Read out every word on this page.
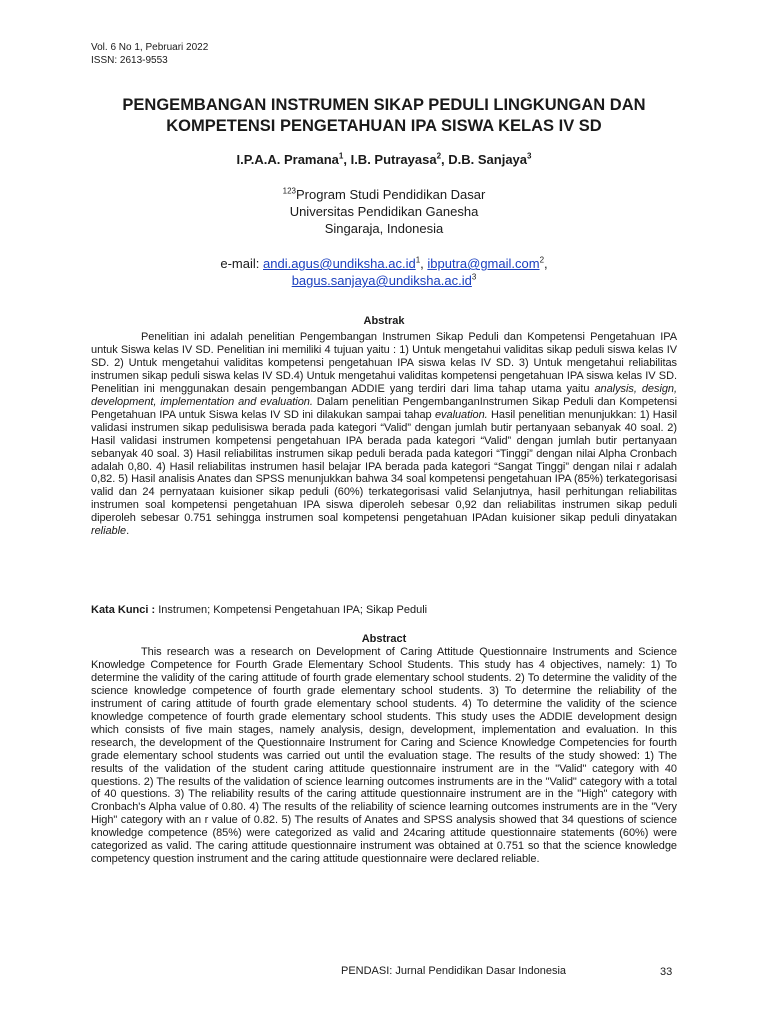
Vol. 6 No 1, Pebruari 2022
ISSN: 2613-9553
PENGEMBANGAN INSTRUMEN SIKAP PEDULI LINGKUNGAN DAN
KOMPETENSI PENGETAHUAN IPA SISWA KELAS IV SD
I.P.A.A. Pramana$^1$, I.B. Putrayasa$^2$, D.B. Sanjaya$^3$
$^{123}$Program Studi Pendidikan Dasar
Universitas Pendidikan Ganesha
Singaraja, Indonesia
e-mail: $andi.agus@undiksha.ac.id^1$, ibputra@gmail.com$^2$,
$bagus.sanjaya@undiksha.ac.id^3$
Abstrak

Penelitian ini adalah penelitian Pengembangan Instrumen Sikap Peduli dan Kompetensi Pengetahuan IPA untuk Siswa kelas IV SD. Penelitian ini memiliki 4 tujuan yaitu : 1) Untuk mengetahui validitas sikap peduli siswa kelas IV SD. 2) Untuk mengetahui validitas kompetensi pengetahuan IPA siswa kelas IV SD. 3) Untuk mengetahui reliabilitas instrumen sikap peduli siswa kelas IV SD.4) Untuk mengetahui validitas kompetensi pengetahuan IPA siswa kelas IV SD. Penelitian ini menggunakan desain pengembangan ADDIE yang terdiri dari lima tahap utama yaitu analysis, design, development, implementation and evaluation. Dalam penelitian PengembanganInstrumen Sikap Peduli dan Kompetensi Pengetahuan IPA untuk Siswa kelas IV SD ini dilakukan sampai tahap evaluation. Hasil penelitian menunjukkan: 1) Hasil validasi instrumen sikap pedulisiswa berada pada kategori “Valid” dengan jumlah butir pertanyaan sebanyak 40 soal. 2) Hasil validasi instrumen kompetensi pengetahuan IPA berada pada kategori “Valid” dengan jumlah butir pertanyaan sebanyak 40 soal. 3) Hasil reliabilitas instrumen sikap peduli berada pada kategori “Tinggi” dengan nilai Alpha Cronbach adalah 0,80. 4) Hasil reliabilitas instrumen hasil belajar IPA berada pada kategori “Sangat Tinggi” dengan nilai r adalah 0,82. 5) Hasil analisis Anates dan SPSS menunjukkan bahwa 34 soal kompetensi pengetahuan IPA (85%) terkategorisasi valid dan 24 pernyataan kuisioner sikap peduli (60%) terkategorisasi valid Selanjutnya, hasil perhitungan reliabilitas instrumen soal kompetensi pengetahuan IPA siswa diperoleh sebesar 0,92 dan reliabilitas instrumen sikap peduli diperoleh sebesar 0.751 sehingga instrumen soal kompetensi pengetahuan IPAdan kuisioner sikap peduli dinyatakan reliable.

Kata Kunci : Instrumen; Kompetensi Pengetahuan IPA; Sikap Peduli
Abstract

This research was a research on Development of Caring Attitude Questionnaire Instruments and Science Knowledge Competence for Fourth Grade Elementary School Students. This study has 4 objectives, namely: 1) To determine the validity of the caring attitude of fourth grade elementary school students. 2) To determine the validity of the science knowledge competence of fourth grade elementary school students. 3) To determine the reliability of the instrument of caring attitude of fourth grade elementary school students. 4) To determine the validity of the science knowledge competence of fourth grade elementary school students. This study uses the ADDIE development design which consists of five main stages, namely analysis, design, development, implementation and evaluation. In this research, the development of the Questionnaire Instrument for Caring and Science Knowledge Competencies for fourth grade elementary school students was carried out until the evaluation stage. The results of the study showed: 1) The results of the validation of the student caring attitude questionnaire instrument are in the "Valid" category with 40 questions. 2) The results of the validation of science learning outcomes instruments are in the "Valid" category with a total of 40 questions. 3) The reliability results of the caring attitude questionnaire instrument are in the "High" category with Cronbach's Alpha value of 0.80. 4) The results of the reliability of science learning outcomes instruments are in the "Very High" category with an r value of 0.82. 5) The results of Anates and SPSS analysis showed that 34 questions of science knowledge competence (85%) were categorized as valid and 24caring attitude questionnaire statements (60%) were categorized as valid. The caring attitude questionnaire instrument was obtained at 0.751 so that the science knowledge competency question instrument and the caring attitude questionnaire were declared reliable.

PENDASI: Jurnal Pendidikan Dasar Indonesia	33
